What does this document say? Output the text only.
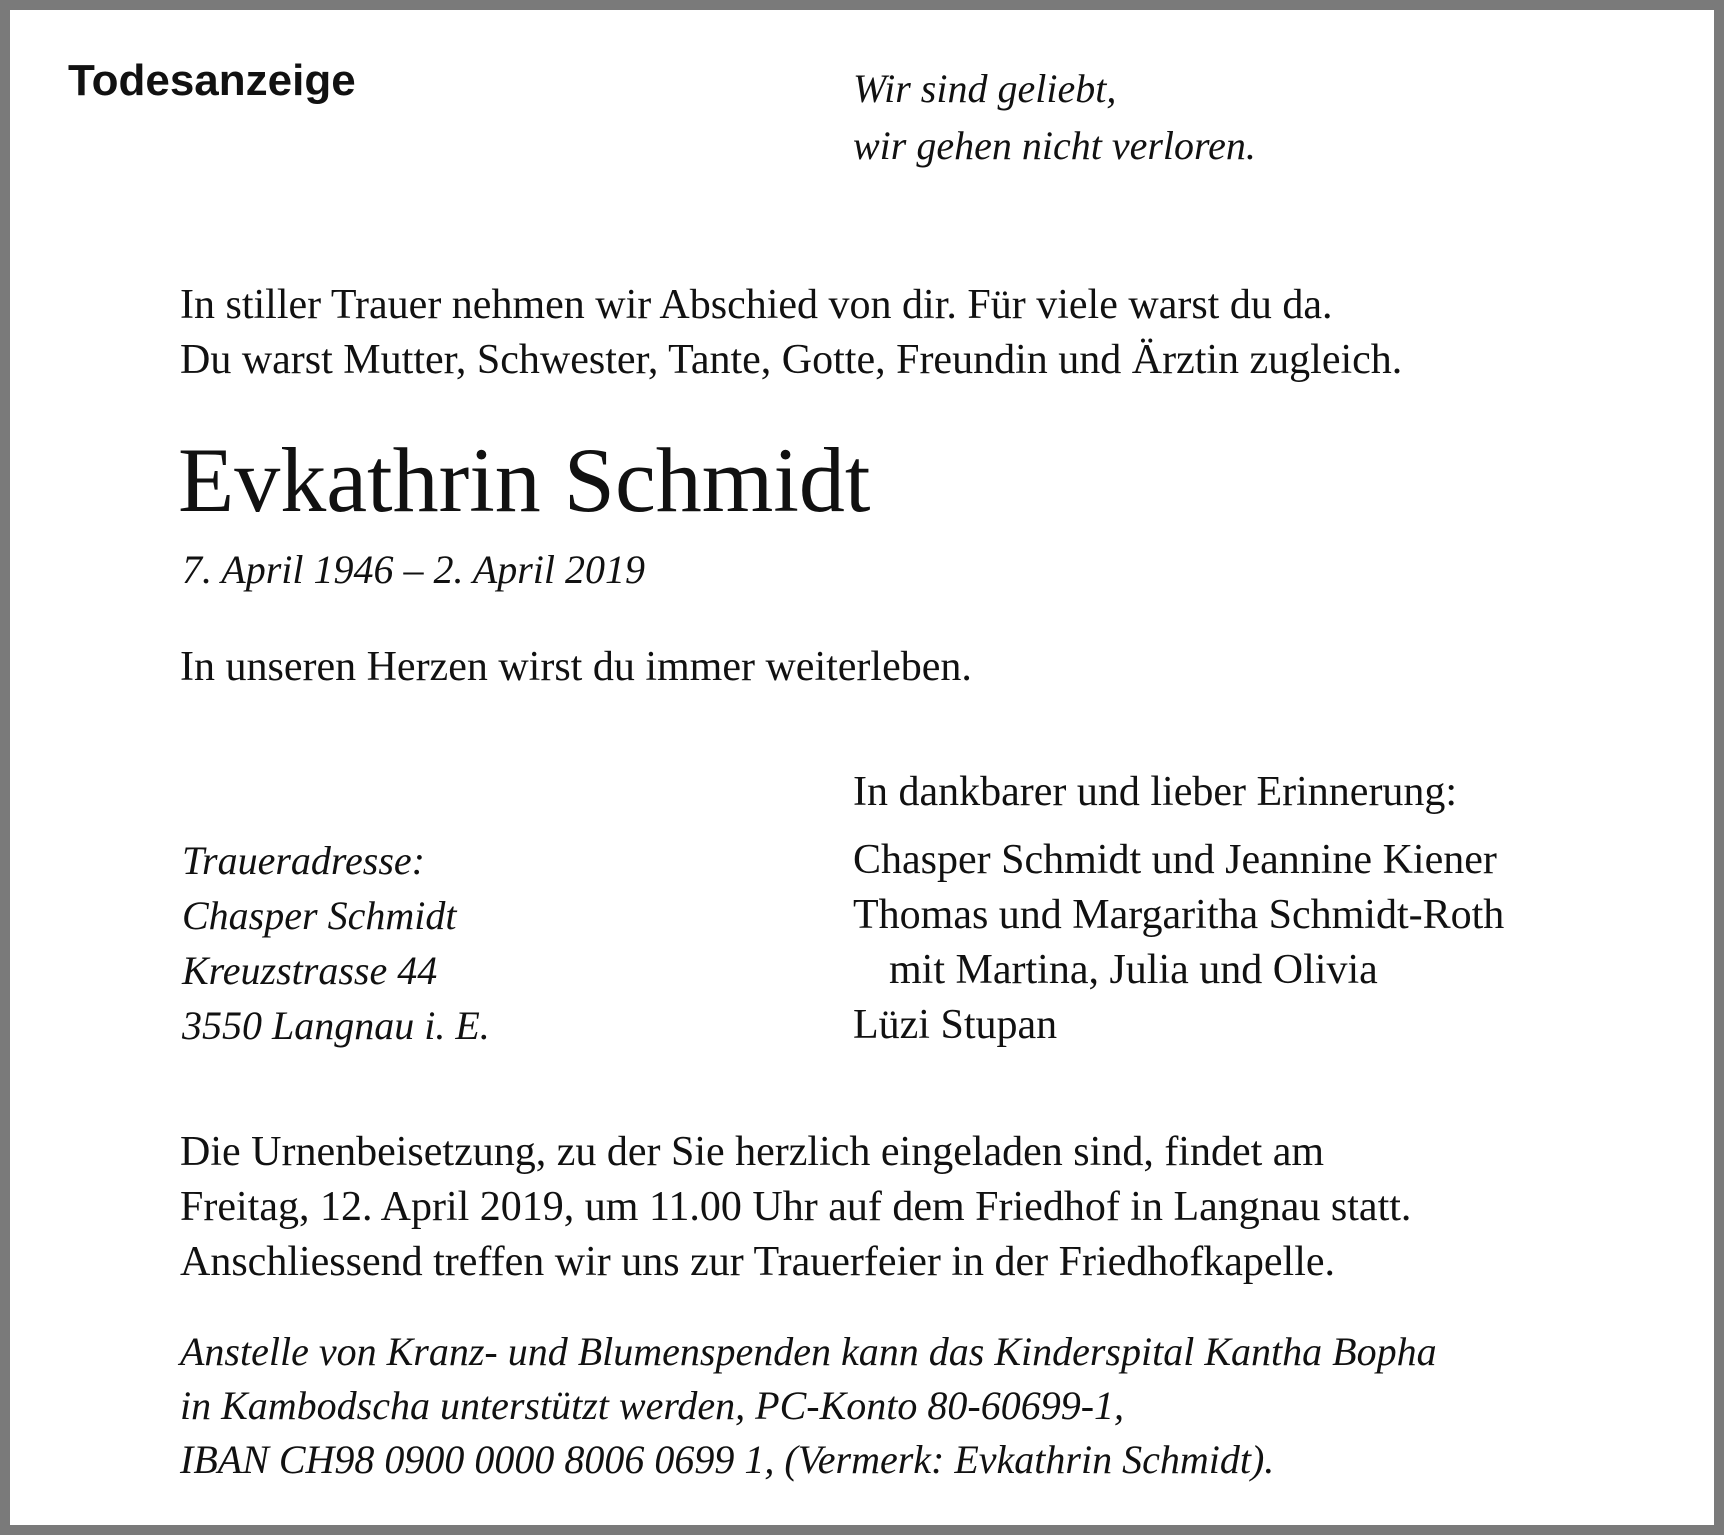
Todesanzeige	Wir sind geliebt,
wir gehen nicht verloren.
In stiller Trauer nehmen wir Abschied von dir. Für viele warst du da.
Du warst Mutter, Schwester, Tante, Gotte, Freundin und Ärztin zugleich.
Evkathrin Schmidt
7. April 1946 – 2. April 2019
In unseren Herzen wirst du immer weiterleben.
In dankbarer und lieber Erinnerung:
Chasper Schmidt und Jeannine Kiener
Thomas und Margaritha Schmidt-Roth
mit Martina, Julia und Olivia
Lüzi Stupan
Traueradresse:
Chasper Schmidt
Kreuzstrasse 44
3550 Langnau i. E.
Die Urnenbeisetzung, zu der Sie herzlich eingeladen sind, findet am
Freitag, 12. April 2019, um 11.00 Uhr auf dem Friedhof in Langnau statt.
Anschliessend treffen wir uns zur Trauerfeier in der Friedhofkapelle.
Anstelle von Kranz- und Blumenspenden kann das Kinderspital Kantha Bopha
in Kambodscha unterstützt werden, PC-Konto 80-60699-1,
IBAN CH98 0900 0000 8006 0699 1, (Vermerk: Evkathrin Schmidt).
